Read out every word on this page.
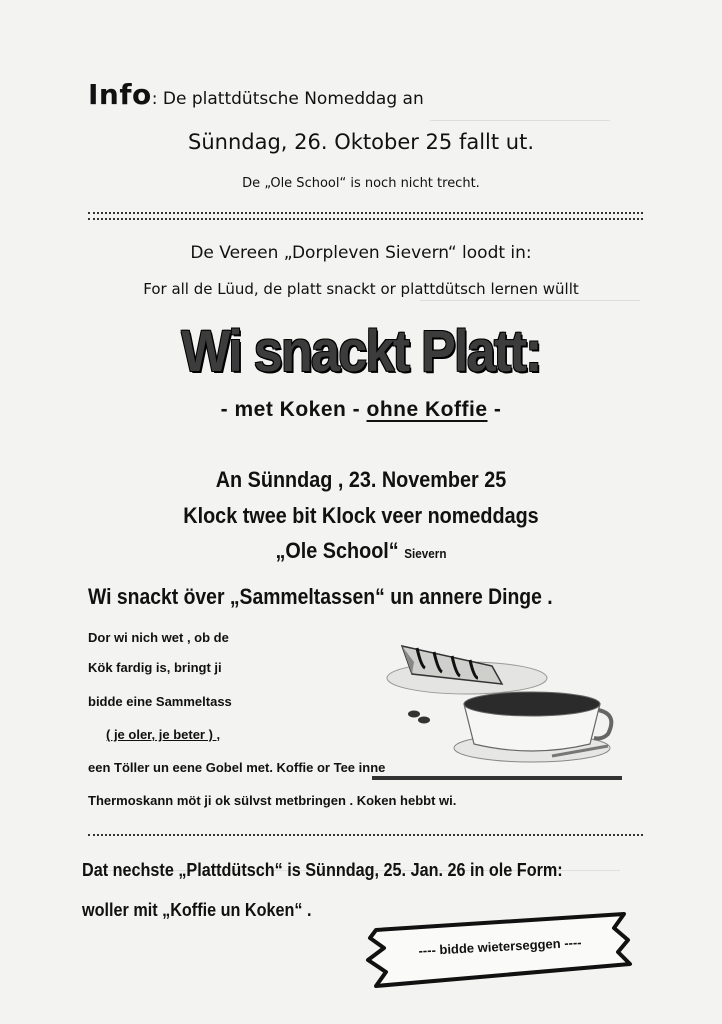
Info: De plattdütsche Nomeddag an
Sünndag, 26. Oktober 25 fallt ut.
De „Ole School“ is noch nicht trecht.
De Vereen „Dorpleven Sievern“ loodt in:
For all de Lüud, de platt snackt or plattdütsch lernen wüllt
Wi snackt Platt:
- met Koken - ohne Koffie -
An Sünndag , 23. November 25
Klock twee bit Klock veer nomeddags
„Ole School“ Sievern
Wi snackt över „Sammeltassen“ un annere Dinge .
Dor wi nich wet , ob de
Kök fardig is, bringt ji
bidde eine Sammeltass
( je oler, je beter ) ,
een Töller un eene Gobel met. Koffie or Tee inne
Thermoskann möt ji ok sülvst metbringen . Koken hebbt wi.
Dat nechste „Plattdütsch“ is Sünndag, 25. Jan. 26 in ole Form:
woller mit „Koffie un Koken“ .
---- bidde wieterseggen ----
